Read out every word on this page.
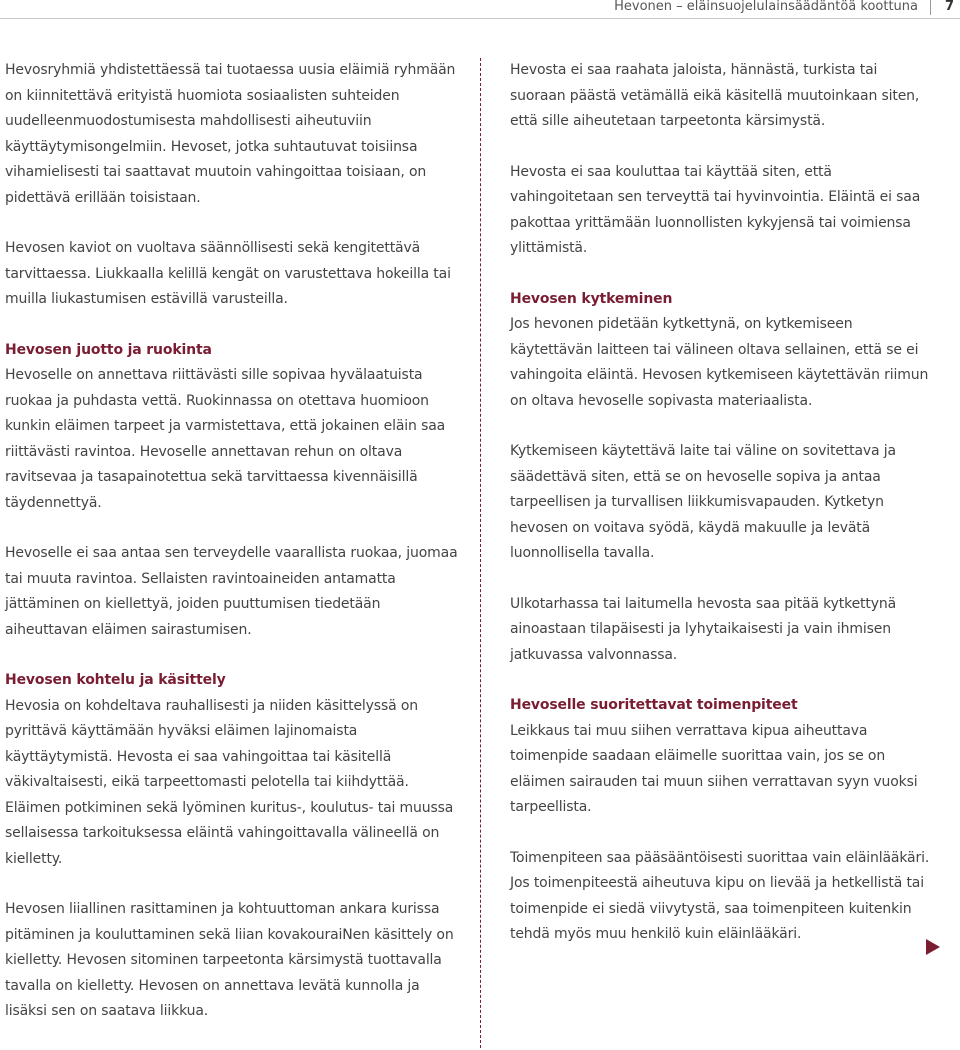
Hevonen – eläinsuojelulainsäädäntöä koottuna 7

Hevosryhmiä yhdistettäessä tai tuotaessa uusia eläimiä ryhmään on kiinnitettävä erityistä huomiota sosiaalisten suhteiden uudelleenmuodostumisesta mahdollisesti aiheutuviin käyttäytymisongelmiin. Hevoset, jotka suhtautuvat toisiinsa vihamielisesti tai saattavat muutoin vahingoittaa toisiaan, on pidettävä erillään toisistaan.

Hevosen kaviot on vuoltava säännöllisesti sekä kengitettävä tarvittaessa. Liukkaalla kelillä kengät on varustettava hokeilla tai muilla liukastumisen estävillä varusteilla.

Hevosen juotto ja ruokinta

Hevoselle on annettava riittävästi sille sopivaa hyvälaatuista ruokaa ja puhdasta vettä. Ruokinnassa on otettava huomioon kunkin eläimen tarpeet ja varmistettava, että jokainen eläin saa riittävästi ravintoa. Hevoselle annettavan rehun on oltava ravitsevaa ja tasapainotettua sekä tarvittaessa kivennäisillä täydennettyä.

Hevoselle ei saa antaa sen terveydelle vaarallista ruokaa, juomaa tai muuta ravintoa. Sellaisten ravintoaineiden antamatta jättäminen on kiellettyä, joiden puuttumisen tiedetään aiheuttavan eläimen sairastumisen.

Hevosen kohtelu ja käsittely

Hevosia on kohdeltava rauhallisesti ja niiden käsittelyssä on pyrittävä käyttämään hyväksi eläimen lajinomaista käyttäytymistä. Hevosta ei saa vahingoittaa tai käsitellä väkivaltaisesti, eikä tarpeettomasti pelotella tai kiihdyttää. Eläimen potkiminen sekä lyöminen kuritus-, koulutus- tai muussa sellaisessa tarkoituksessa eläintä vahingoittavalla välineellä on kielletty.

Hevosen liiallinen rasittaminen ja kohtuuttoman ankara kurissa pitäminen ja kouluttaminen sekä liian kovakouraiNen käsittely on kielletty. Hevosen sitominen tarpeetonta kärsimystä tuottavalla tavalla on kielletty. Hevosen on annettava levätä kunnolla ja lisäksi sen on saatava liikkua.

Hevosta ei saa raahata jaloista, hännästä, turkista tai suoraan päästä vetämällä eikä käsitellä muutoinkaan siten, että sille aiheutetaan tarpeetonta kärsimystä.

Hevosta ei saa kouluttaa tai käyttää siten, että vahingoitetaan sen terveyttä tai hyvinvointia. Eläintä ei saa pakottaa yrittämään luonnollisten kykyjensä tai voimiensa ylittämistä.

Hevosen kytkeminen

Jos hevonen pidetään kytkettynä, on kytkemiseen käytettävän laitteen tai välineen oltava sellainen, että se ei vahingoita eläintä. Hevosen kytkemiseen käytettävän riimun on oltava hevoselle sopivasta materiaalista.

Kytkemiseen käytettävä laite tai väline on sovitettava ja säädettävä siten, että se on hevoselle sopiva ja antaa tarpeellisen ja turvallisen liikkumisvapauden. Kytketyn hevosen on voitava syödä, käydä makuulle ja levätä luonnollisella tavalla.

Ulkotarhassa tai laitumella hevosta saa pitää kytkettynä ainoastaan tilapäisesti ja lyhytaikaisesti ja vain ihmisen jatkuvassa valvonnassa.

Hevoselle suoritettavat toimenpiteet

Leikkaus tai muu siihen verrattava kipua aiheuttava toimenpide saadaan eläimelle suorittaa vain, jos se on eläimen sairauden tai muun siihen verrattavan syyn vuoksi tarpeellista.

Toimenpiteen saa pääsääntöisesti suorittaa vain eläinlääkäri. Jos toimenpiteestä aiheutuva kipu on lievää ja hetkellistä tai toimenpide ei siedä viivytystä, saa toimenpiteen kuitenkin tehdä myös muu henkilö kuin eläinlääkäri.
